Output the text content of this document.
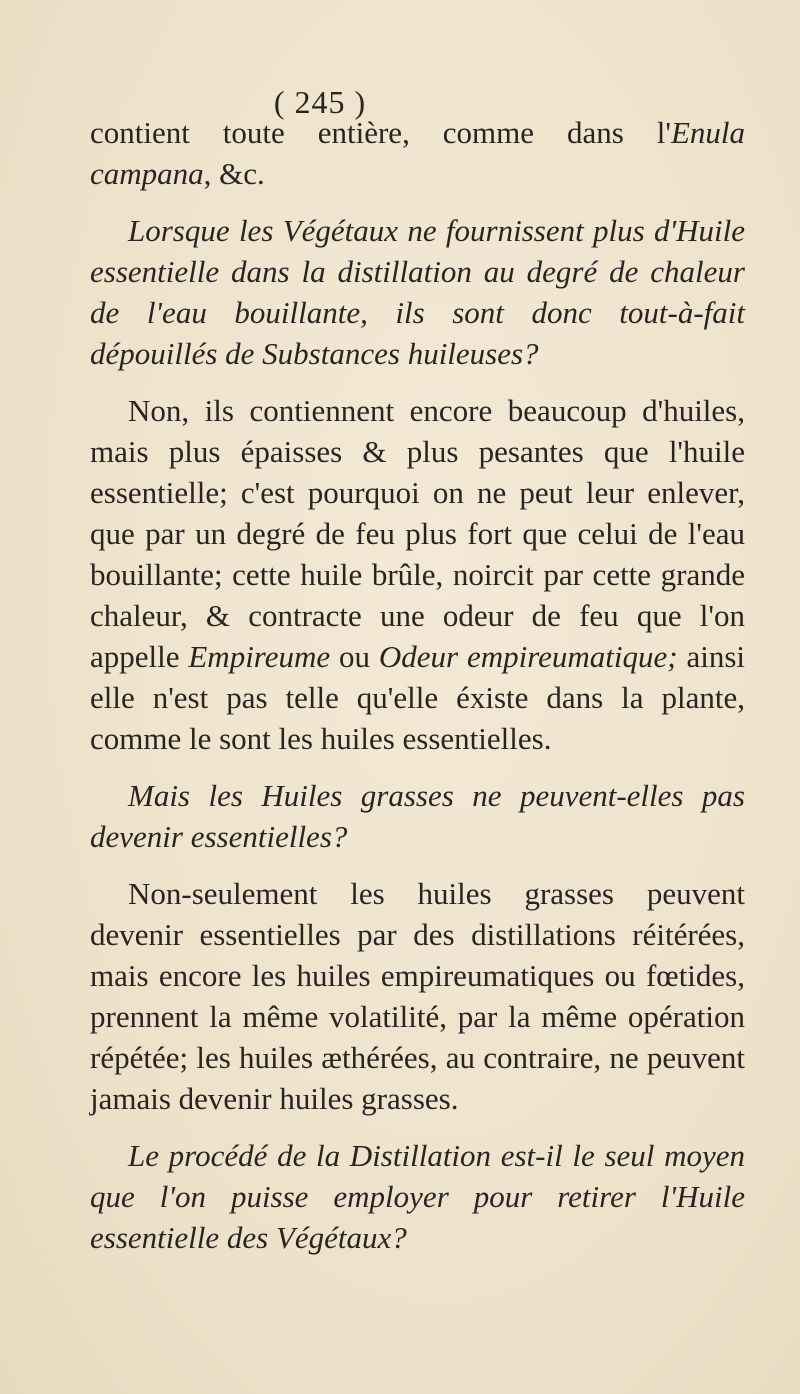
( 245 )

contient toute entière, comme dans l'Enula campana, &c.

Lorsque les Végétaux ne fournissent plus d'Huile essentielle dans la distillation au degré de chaleur de l'eau bouillante, ils sont donc tout-à-fait dépouillés de Substances huileuses?

Non, ils contiennent encore beaucoup d'huiles, mais plus épaisses & plus pesantes que l'huile essentielle; c'est pourquoi on ne peut leur enlever, que par un degré de feu plus fort que celui de l'eau bouillante; cette huile brûle, noircit par cette grande chaleur, & contracte une odeur de feu que l'on appelle Empireume ou Odeur empireumatique; ainsi elle n'est pas telle qu'elle éxiste dans la plante, comme le sont les huiles essentielles.

Mais les Huiles grasses ne peuvent-elles pas devenir essentielles?

Non-seulement les huiles grasses peuvent devenir essentielles par des distillations réitérées, mais encore les huiles empireumatiques ou fœtides, prennent la même volatilité, par la même opération répétée; les huiles æthérées, au contraire, ne peuvent jamais devenir huiles grasses.

Le procédé de la Distillation est-il le seul moyen que l'on puisse employer pour retirer l'Huile essentielle des Végétaux?
